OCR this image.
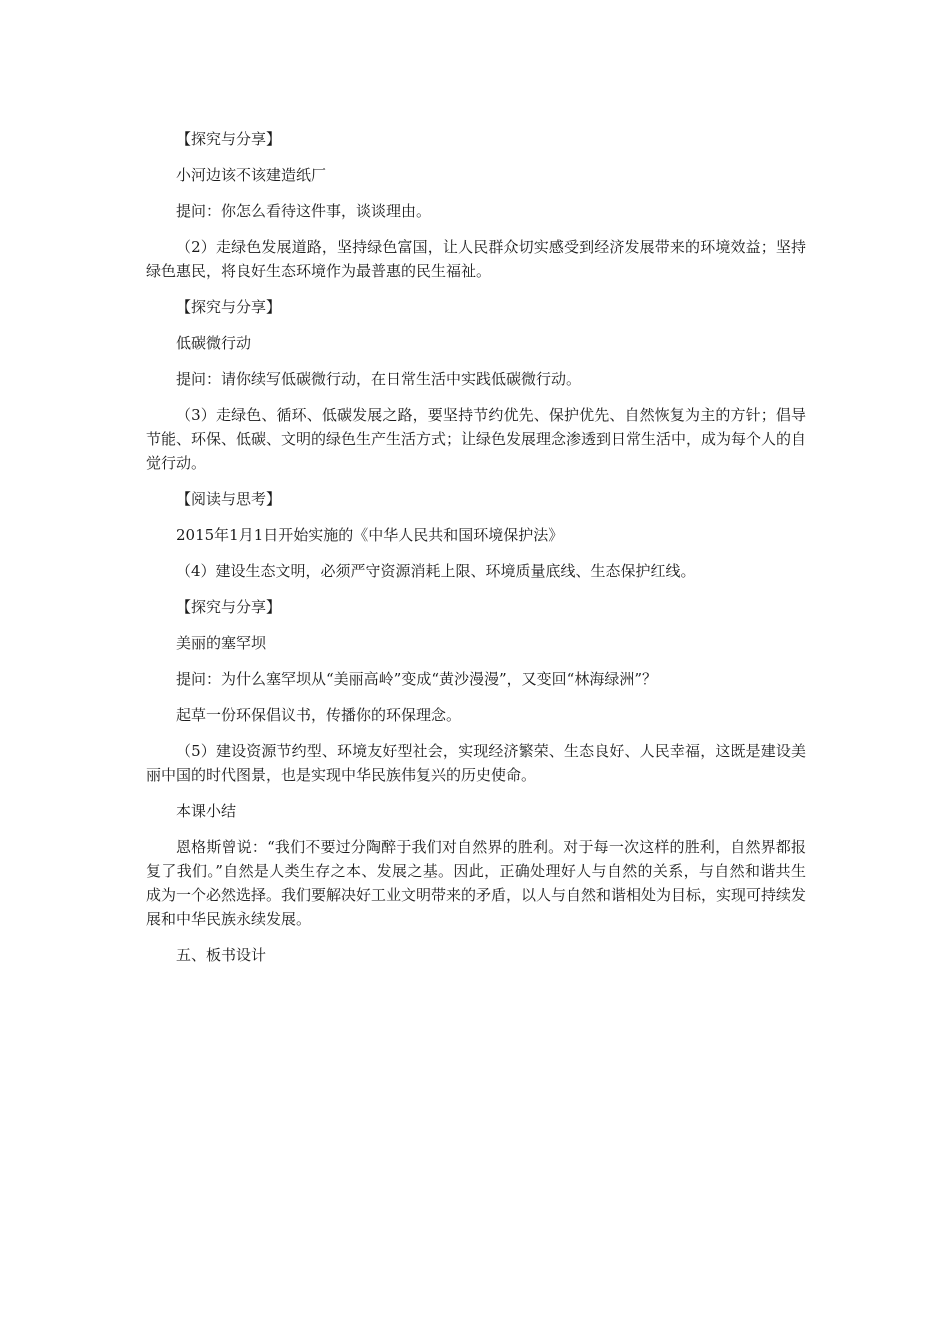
【探究与分享】

小河边该不该建造纸厂

提问：你怎么看待这件事，谈谈理由。

（2）走绿色发展道路，坚持绿色富国，让人民群众切实感受到经济发展带来的环境效益；坚持绿色惠民，将良好生态环境作为最普惠的民生福祉。

【探究与分享】

低碳微行动

提问：请你续写低碳微行动，在日常生活中实践低碳微行动。

（3）走绿色、循环、低碳发展之路，要坚持节约优先、保护优先、自然恢复为主的方针；倡导节能、环保、低碳、文明的绿色生产生活方式；让绿色发展理念渗透到日常生活中，成为每个人的自觉行动。

【阅读与思考】

2015年1月1日开始实施的《中华人民共和国环境保护法》

（4）建设生态文明，必须严守资源消耗上限、环境质量底线、生态保护红线。

【探究与分享】

美丽的塞罕坝

提问：为什么塞罕坝从“美丽高岭”变成“黄沙漫漫”，又变回“林海绿洲”？

起草一份环保倡议书，传播你的环保理念。

（5）建设资源节约型、环境友好型社会，实现经济繁荣、生态良好、人民幸福，这既是建设美丽中国的时代图景，也是实现中华民族伟复兴的历史使命。

本课小结

恩格斯曾说：“我们不要过分陶醉于我们对自然界的胜利。对于每一次这样的胜利，自然界都报复了我们。”自然是人类生存之本、发展之基。因此，正确处理好人与自然的关系，与自然和谐共生成为一个必然选择。我们要解决好工业文明带来的矛盾，以人与自然和谐相处为目标，实现可持续发展和中华民族永续发展。

五、板书设计
